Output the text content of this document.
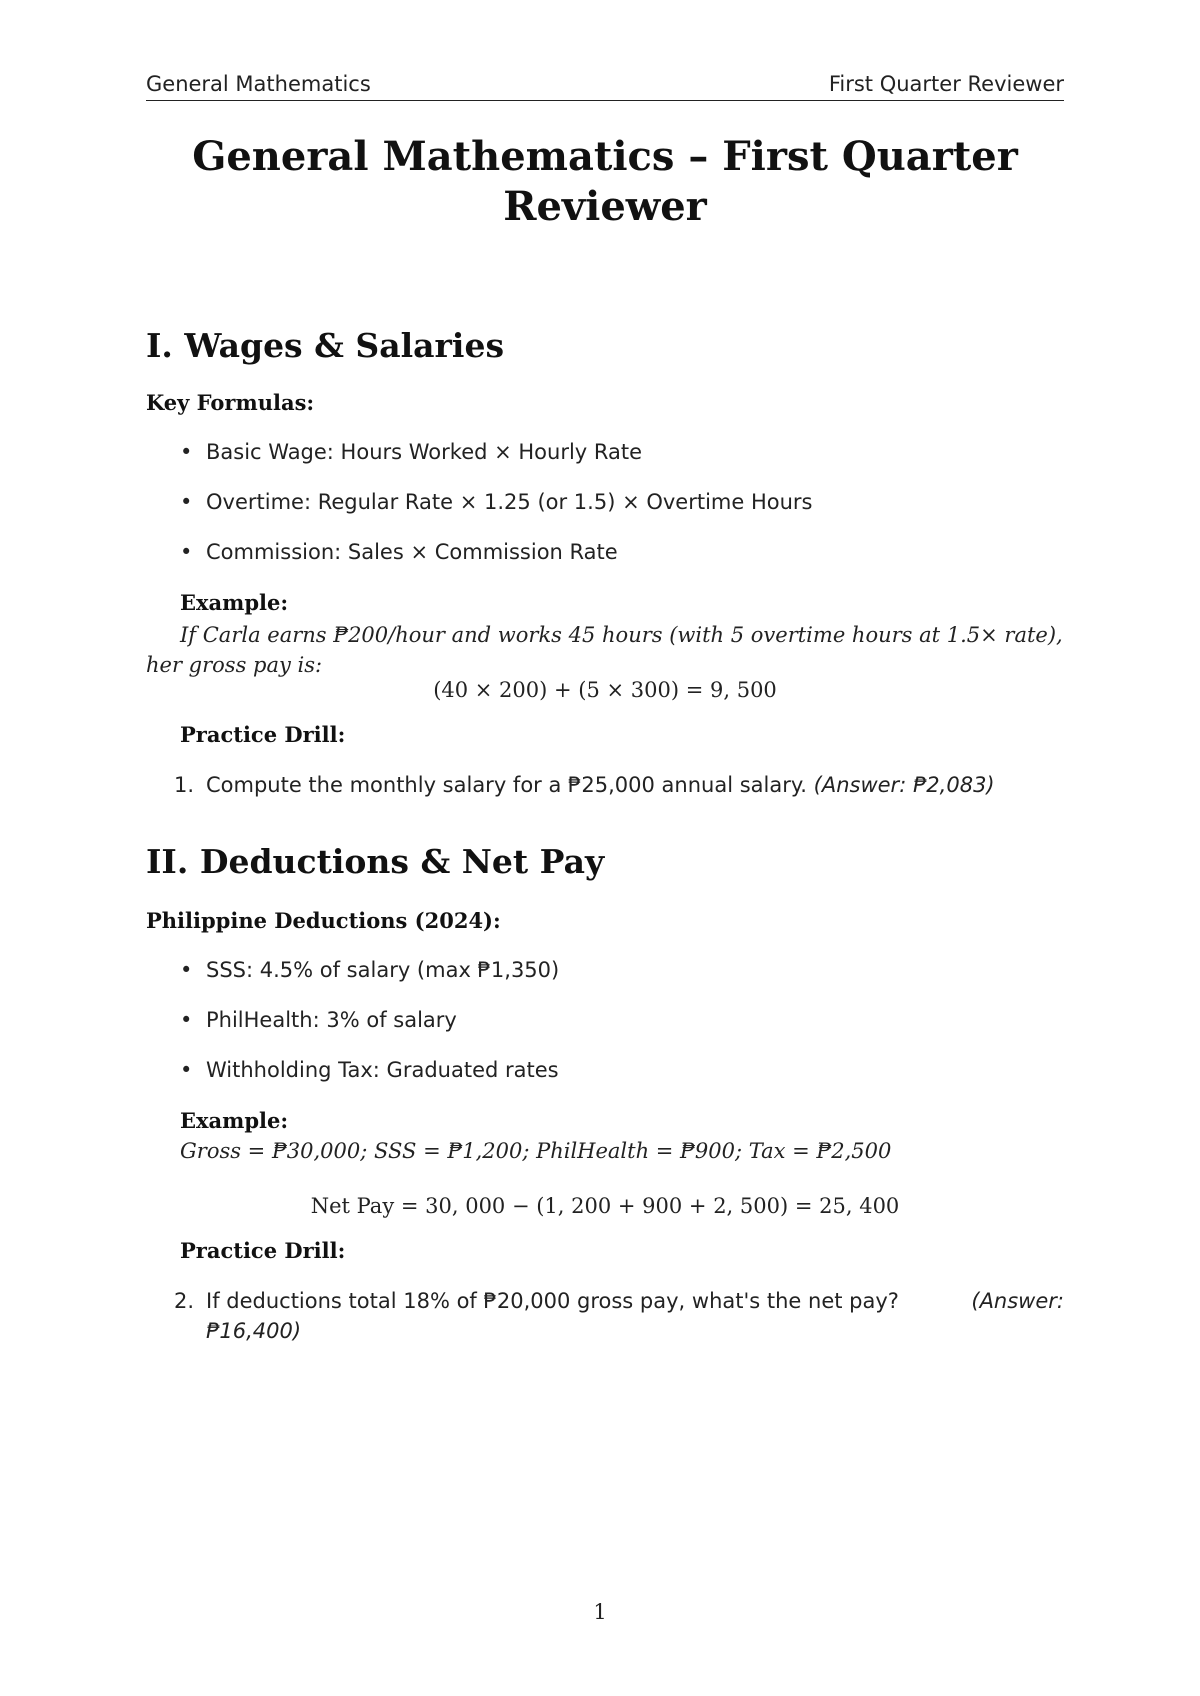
General Mathematics	First Quarter Reviewer
General Mathematics – First Quarter
Reviewer
I. Wages & Salaries
Key Formulas:
• Basic Wage: Hours Worked × Hourly Rate
• Overtime: Regular Rate × 1.25 (or 1.5) × Overtime Hours
• Commission: Sales × Commission Rate
Example:
If Carla earns ₱200/hour and works 45 hours (with 5 overtime hours at 1.5× rate),
her gross pay is:
(40 × 200) + (5 × 300) = 9, 500
Practice Drill:
1. Compute the monthly salary for a ₱25,000 annual salary. (Answer: ₱2,083)
II. Deductions & Net Pay
Philippine Deductions (2024):
• SSS: 4.5% of salary (max ₱1,350)
• PhilHealth: 3% of salary
• Withholding Tax: Graduated rates
Example:
Gross = ₱30,000; SSS = ₱1,200; PhilHealth = ₱900; Tax = ₱2,500
Net Pay = 30, 000 − (1, 200 + 900 + 2, 500) = 25, 400
Practice Drill:
2. If deductions total 18% of ₱20,000 gross pay, what's the net pay?	(Answer:
₱16,400)
1
